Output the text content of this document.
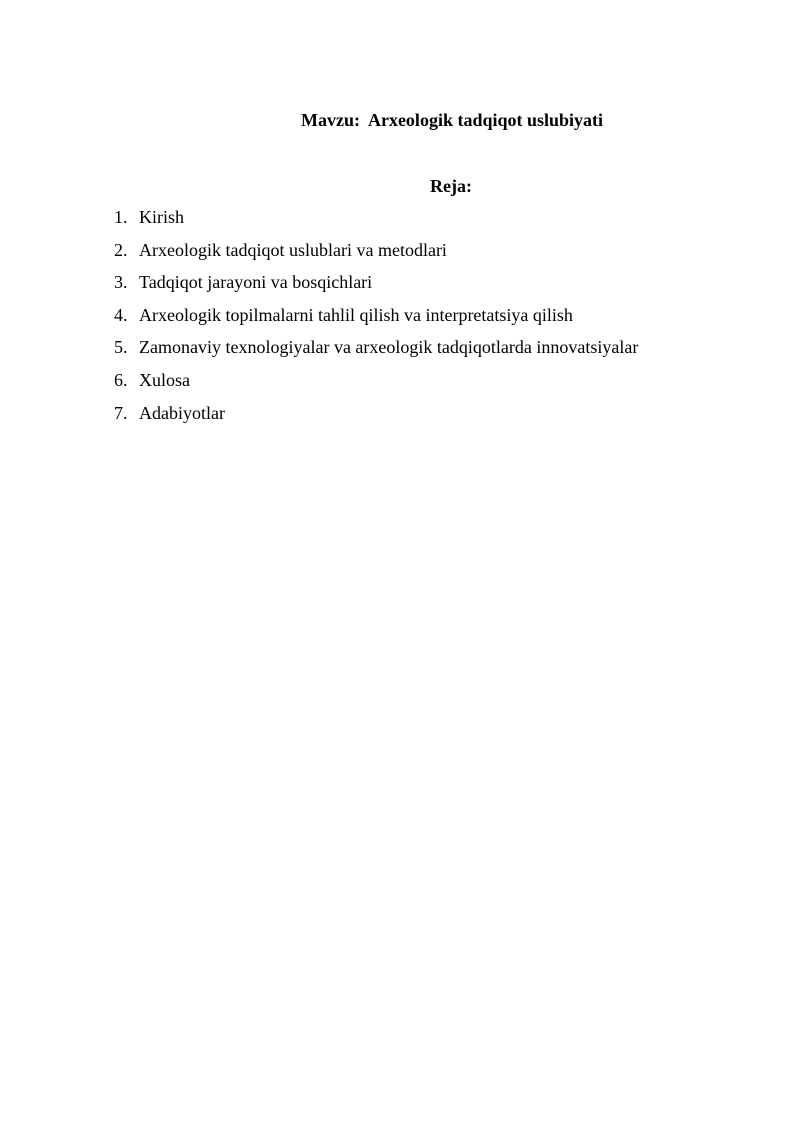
Mavzu:  Arxeologik tadqiqot uslubiyati
Reja:
1. Kirish
2. Arxeologik tadqiqot uslublari va metodlari
3. Tadqiqot jarayoni va bosqichlari
4. Arxeologik topilmalarni tahlil qilish va interpretatsiya qilish
5. Zamonaviy texnologiyalar va arxeologik tadqiqotlarda innovatsiyalar
6. Xulosa
7. Adabiyotlar
